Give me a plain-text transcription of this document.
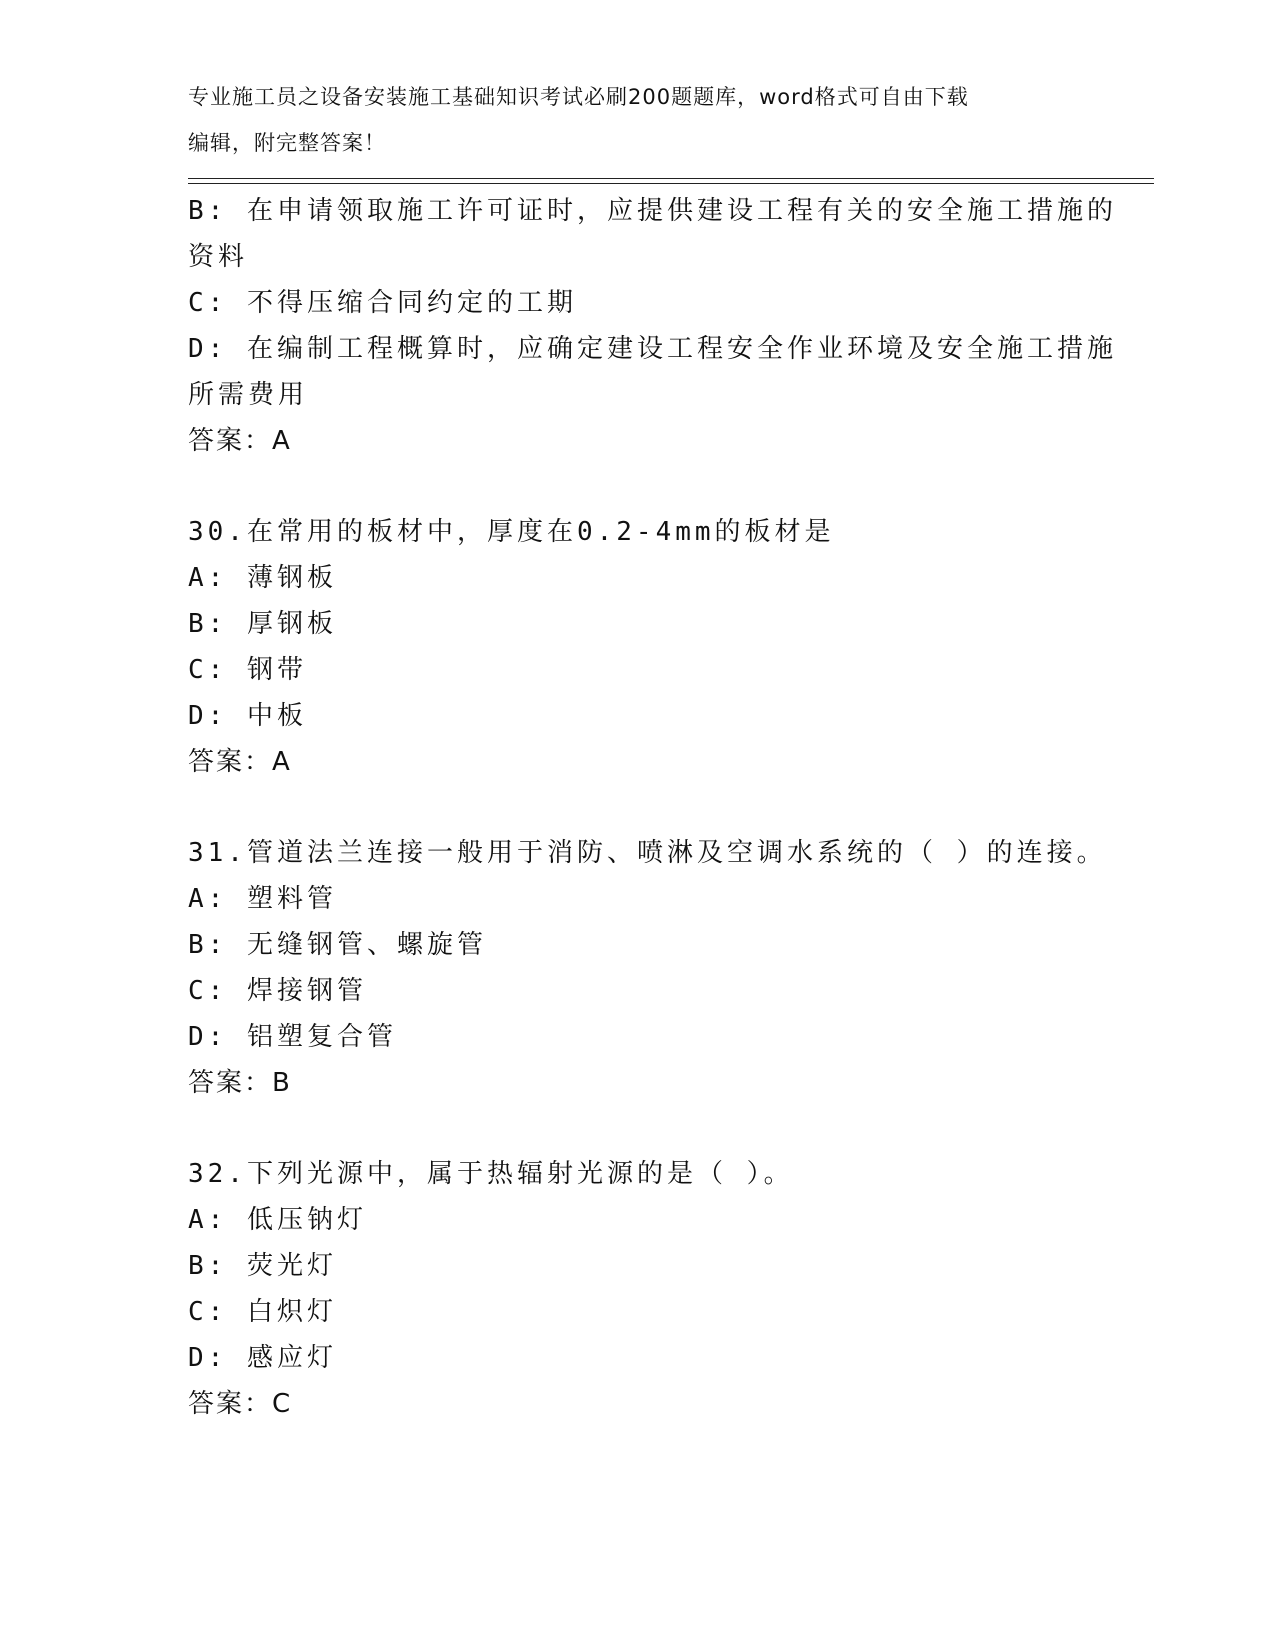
专业施工员之设备安装施工基础知识考试必刷200题题库，word格式可自由下载
编辑，附完整答案！
B: 在申请领取施工许可证时，应提供建设工程有关的安全施工措施的
资料
C: 不得压缩合同约定的工期
D: 在编制工程概算时，应确定建设工程安全作业环境及安全施工措施
所需费用
答案：A
30.在常用的板材中，厚度在0.2-4mm的板材是
A: 薄钢板
B: 厚钢板
C: 钢带
D: 中板
答案：A
31.管道法兰连接一般用于消防、喷淋及空调水系统的（ ）的连接。
A: 塑料管
B: 无缝钢管、螺旋管
C: 焊接钢管
D: 铝塑复合管
答案：B
32.下列光源中，属于热辐射光源的是（ ）。
A: 低压钠灯
B: 荧光灯
C: 白炽灯
D: 感应灯
答案：C
